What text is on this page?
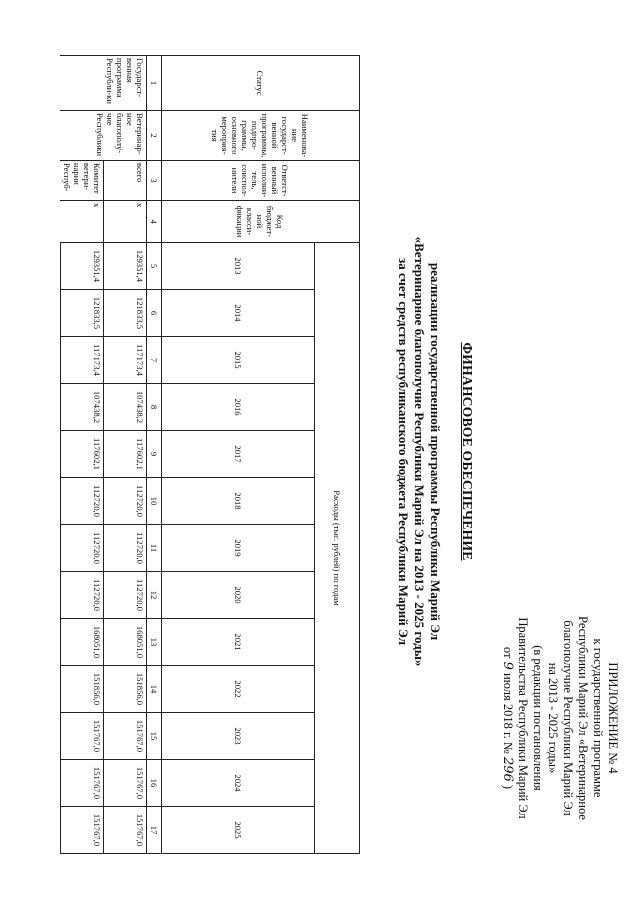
ПРИЛОЖЕНИЕ № 4
к государственной программе
Республики Марий Эл «Ветеринарное
благополучие Республики Марий Эл
на 2013 - 2025 годы»
(в редакции постановления
Правительства Республики Марий Эл
от 9 июля 2018 г. № 296 )
ФИНАНСОВОЕ ОБЕСПЕЧЕНИЕ
реализации государственной программы Республики Марий Эл
«Ветеринарное благополучие Республики Марий Эл на 2013 - 2025 годы»
за счет средств республиканского бюджета Республики Марий Эл
Статус	Наименова-ние государст-венной программы, подпро-граммы, основного мероприя-тия	Ответст-венный исполни-тель, соиспол-нители	Код бюджет-ной класси-фикации	Расходы (тыс. рублей) по годам												
				2013	2014	2015	2016	2017	2018	2019	2020	2021	2022	2023	2024	2025
1	2	3	4	5	6	7	8	9	10	11	12	13	14	15	16	17
Государст-венная программа Республи-ки	Ветеринар-ное благополу-чие Республики	всего	x	129351,4	121833,5	117173,4	107438,2	117602,1	112720,0	112720,0	112720,0	168051,0	151856,0	151767,0	151767,0	151767,0
		Комитет ветери-нарии Респуб-	x	129351,4	121833,5	117173,4	107438,2	117602,1	112720,0	112720,0	112720,0	168051,0	151856,0	151767,0	151767,0	151767,0
